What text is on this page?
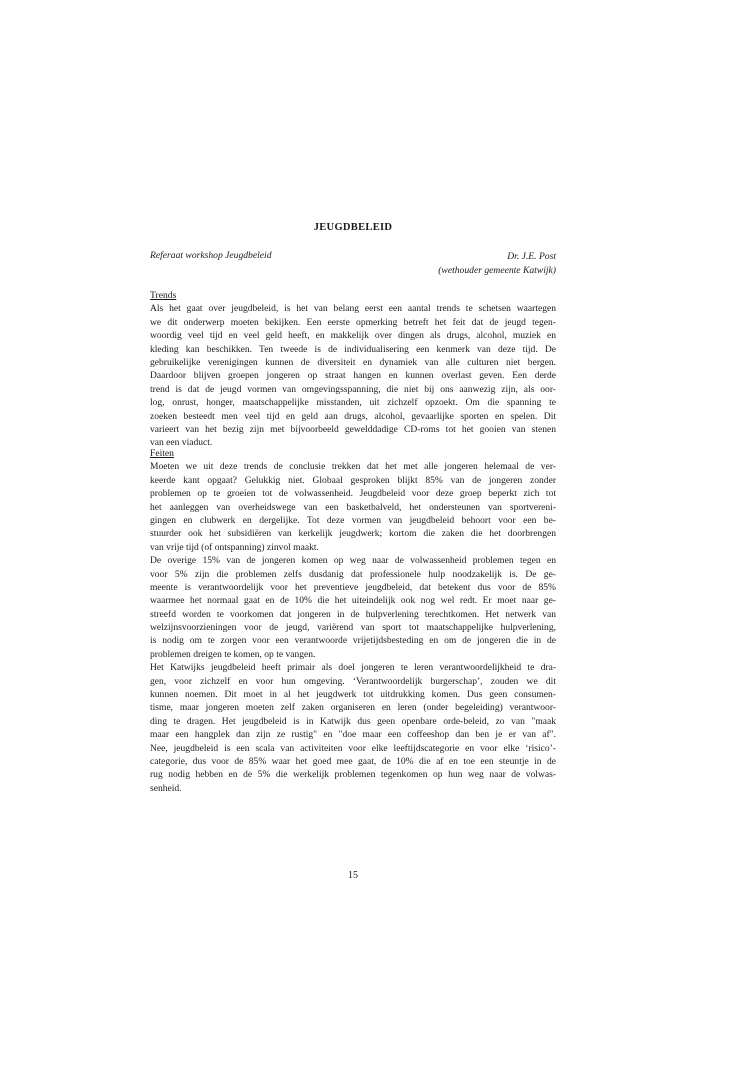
JEUGDBELEID
Referaat workshop Jeugdbeleid	Dr. J.E. Post
(wethouder gemeente Katwijk)
Trends
Als het gaat over jeugdbeleid, is het van belang eerst een aantal trends te schetsen waartegen
we dit onderwerp moeten bekijken. Een eerste opmerking betreft het feit dat de jeugd tegen-
woordig veel tijd en veel geld heeft, en makkelijk over dingen als drugs, alcohol, muziek en
kleding kan beschikken. Ten tweede is de individualisering een kenmerk van deze tijd. De
gebruikelijke verenigingen kunnen de diversiteit en dynamiek van alle culturen niet bergen.
Daardoor blijven groepen jongeren op straat hangen en kunnen overlast geven. Een derde
trend is dat de jeugd vormen van omgevingsspanning, die niet bij ons aanwezig zijn, als oor-
log, onrust, honger, maatschappelijke misstanden, uit zichzelf opzoekt. Om die spanning te
zoeken besteedt men veel tijd en geld aan drugs, alcohol, gevaarlijke sporten en spelen. Dit
varieert van het bezig zijn met bijvoorbeeld gewelddadige CD-roms tot het gooien van stenen
van een viaduct.
Feiten
Moeten we uit deze trends de conclusie trekken dat het met alle jongeren helemaal de ver-
keerde kant opgaat? Gelukkig niet. Globaal gesproken blijkt 85% van de jongeren zonder
problemen op te groeien tot de volwassenheid. Jeugdbeleid voor deze groep beperkt zich tot
het aanleggen van overheidswege van een basketbalveld, het ondersteunen van sportvereni-
gingen en clubwerk en dergelijke. Tot deze vormen van jeugdbeleid behoort voor een be-
stuurder ook het subsidiëren van kerkelijk jeugdwerk; kortom die zaken die het doorbrengen
van vrije tijd (of ontspanning) zinvol maakt.
De overige 15% van de jongeren komen op weg naar de volwassenheid problemen tegen en
voor 5% zijn die problemen zelfs dusdanig dat professionele hulp noodzakelijk is. De ge-
meente is verantwoordelijk voor het preventieve jeugdbeleid, dat betekent dus voor de 85%
waarmee het normaal gaat en de 10% die het uiteindelijk ook nog wel redt. Er moet naar ge-
streefd worden te voorkomen dat jongeren in de hulpverlening terechtkomen. Het netwerk van
welzijnsvoorzieningen voor de jeugd, variërend van sport tot maatschappelijke hulpverlening,
is nodig om te zorgen voor een verantwoorde vrijetijdsbesteding en om de jongeren die in de
problemen dreigen te komen, op te vangen.
Het Katwijks jeugdbeleid heeft primair als doel jongeren te leren verantwoordelijkheid te dra-
gen, voor zichzelf en voor hun omgeving. ‘Verantwoordelijk burgerschap’, zouden we dit
kunnen noemen. Dit moet in al het jeugdwerk tot uitdrukking komen. Dus geen consumen-
tisme, maar jongeren moeten zelf zaken organiseren en leren (onder begeleiding) verantwoor-
ding te dragen. Het jeugdbeleid is in Katwijk dus geen openbare orde-beleid, zo van "maak
maar een hangplek dan zijn ze rustig" en "doe maar een coffeeshop dan ben je er van af".
Nee, jeugdbeleid is een scala van activiteiten voor elke leeftijdscategorie en voor elke ‘risico’-
categorie, dus voor de 85% waar het goed mee gaat, de 10% die af en toe een steuntje in de
rug nodig hebben en de 5% die werkelijk problemen tegenkomen op hun weg naar de volwas-
senheid.
15
